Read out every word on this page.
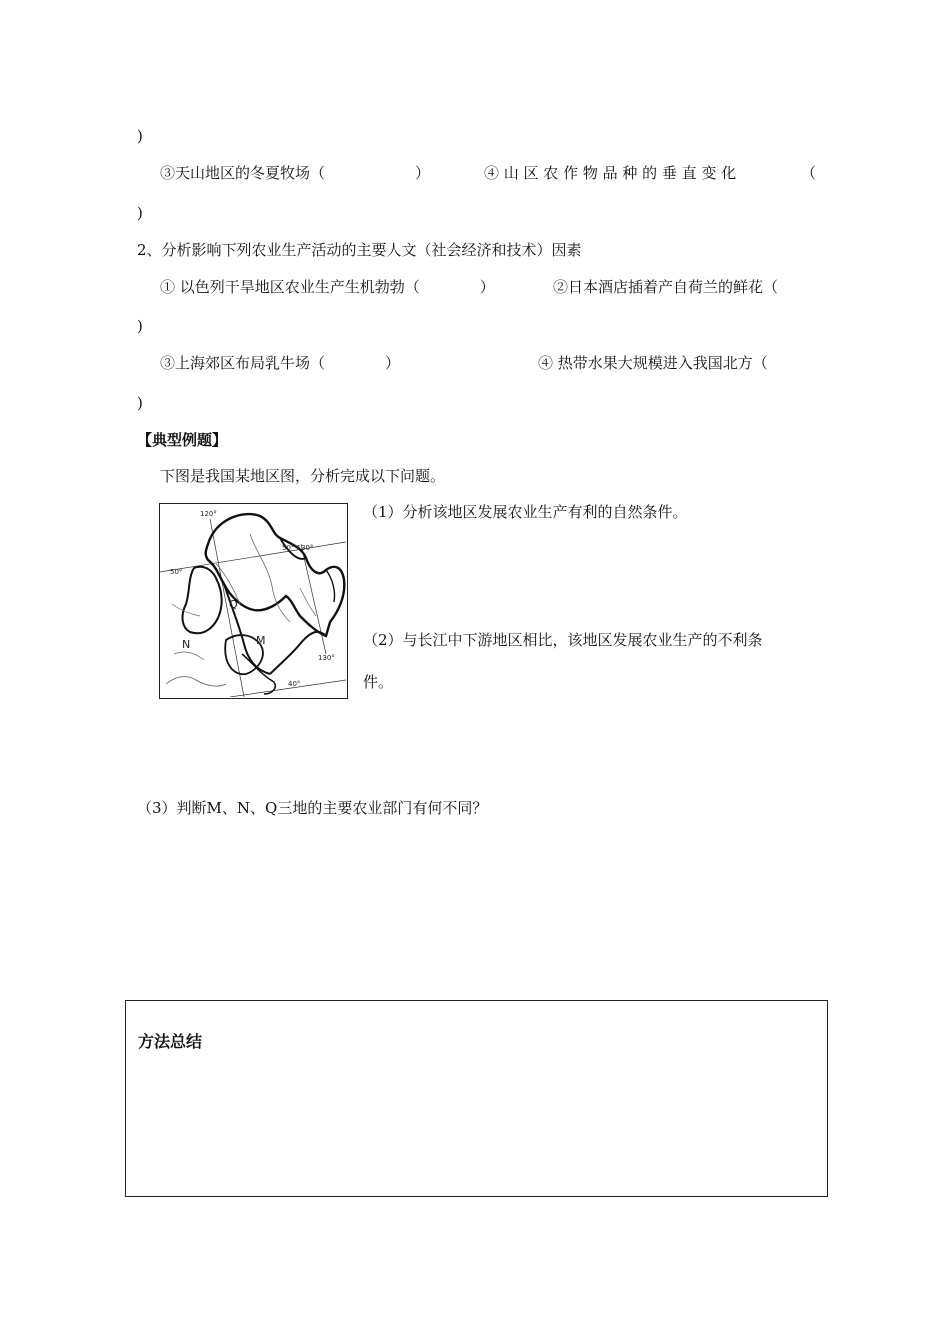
)
③天山地区的冬夏牧场（　　　　　　）	④ 山 区 农 作 物 品 种 的 垂 直 变 化	（
)
2、分析影响下列农业生产活动的主要人文（社会经济和技术）因素
① 以色列干旱地区农业生产生机勃勃（　　　　）	②日本酒店插着产自荷兰的鲜花（
)
③上海郊区布局乳牛场（　　　　）	④ 热带水果大规模进入我国北方（
)
【典型例题】
下图是我国某地区图，分析完成以下问题。
120°
50°
50° 130°
130°
40°
Q
M
N
（1）分析该地区发展农业生产有利的自然条件。
（2）与长江中下游地区相比，该地区发展农业生产的不利条
件。
（3）判断M、N、Q三地的主要农业部门有何不同？
方法总结
